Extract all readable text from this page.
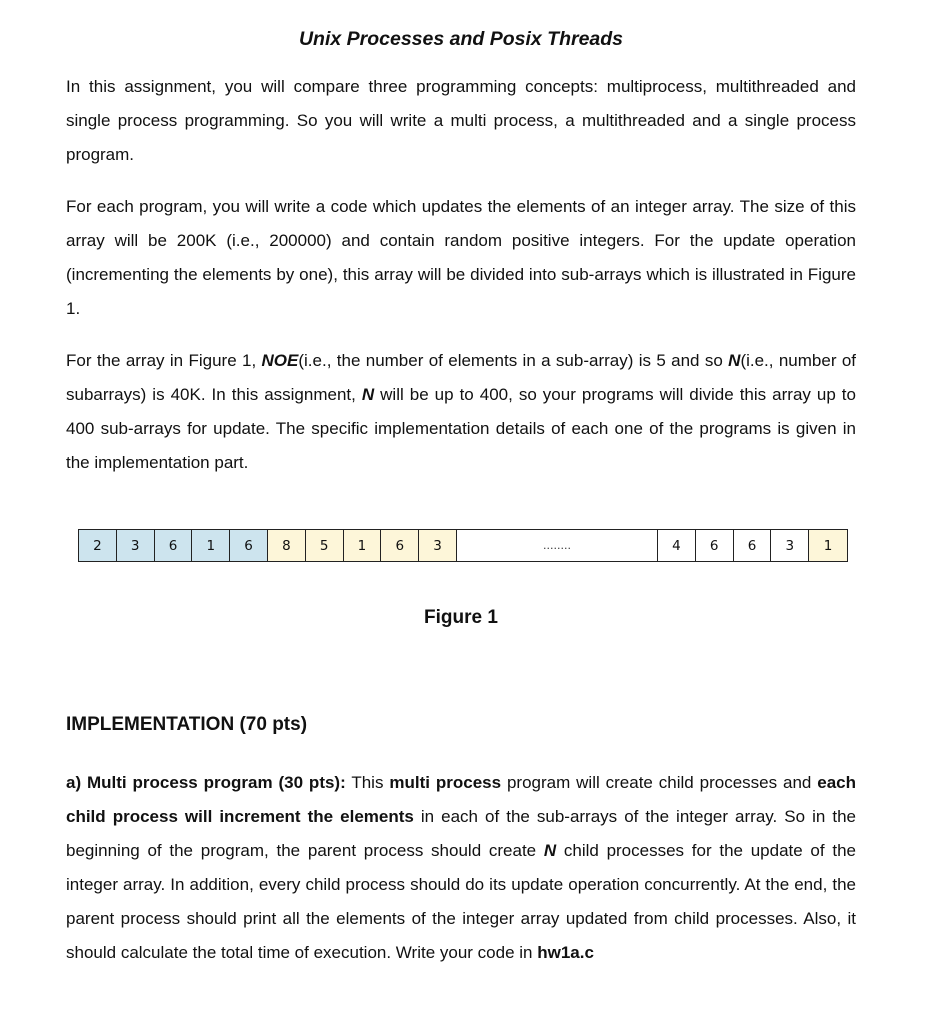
Unix Processes and Posix Threads

In this assignment, you will compare three programming concepts: multiprocess, multithreaded and single process programming. So you will write a multi process, a multithreaded and a single process program.

For each program, you will write a code which updates the elements of an integer array. The size of this array will be 200K (i.e., 200000) and contain random positive integers. For the update operation (incrementing the elements by one), this array will be divided into sub-arrays which is illustrated in Figure 1.

For the array in Figure 1, NOE(i.e., the number of elements in a sub-array) is 5 and so N(i.e., number of subarrays) is 40K. In this assignment, N will be up to 400, so your programs will divide this array up to 400 sub-arrays for update. The specific implementation details of each one of the programs is given in the implementation part.

2	3	6	1	6	8	5	1	6	3	........	4	6	6	3	1
Figure 1
IMPLEMENTATION (70 pts)

a) Multi process program (30 pts): This multi process program will create child processes and each child process will increment the elements in each of the sub-arrays of the integer array. So in the beginning of the program, the parent process should create N child processes for the update of the integer array. In addition, every child process should do its update operation concurrently. At the end, the parent process should print all the elements of the integer array updated from child processes. Also, it should calculate the total time of execution. Write your code in hw1a.c
